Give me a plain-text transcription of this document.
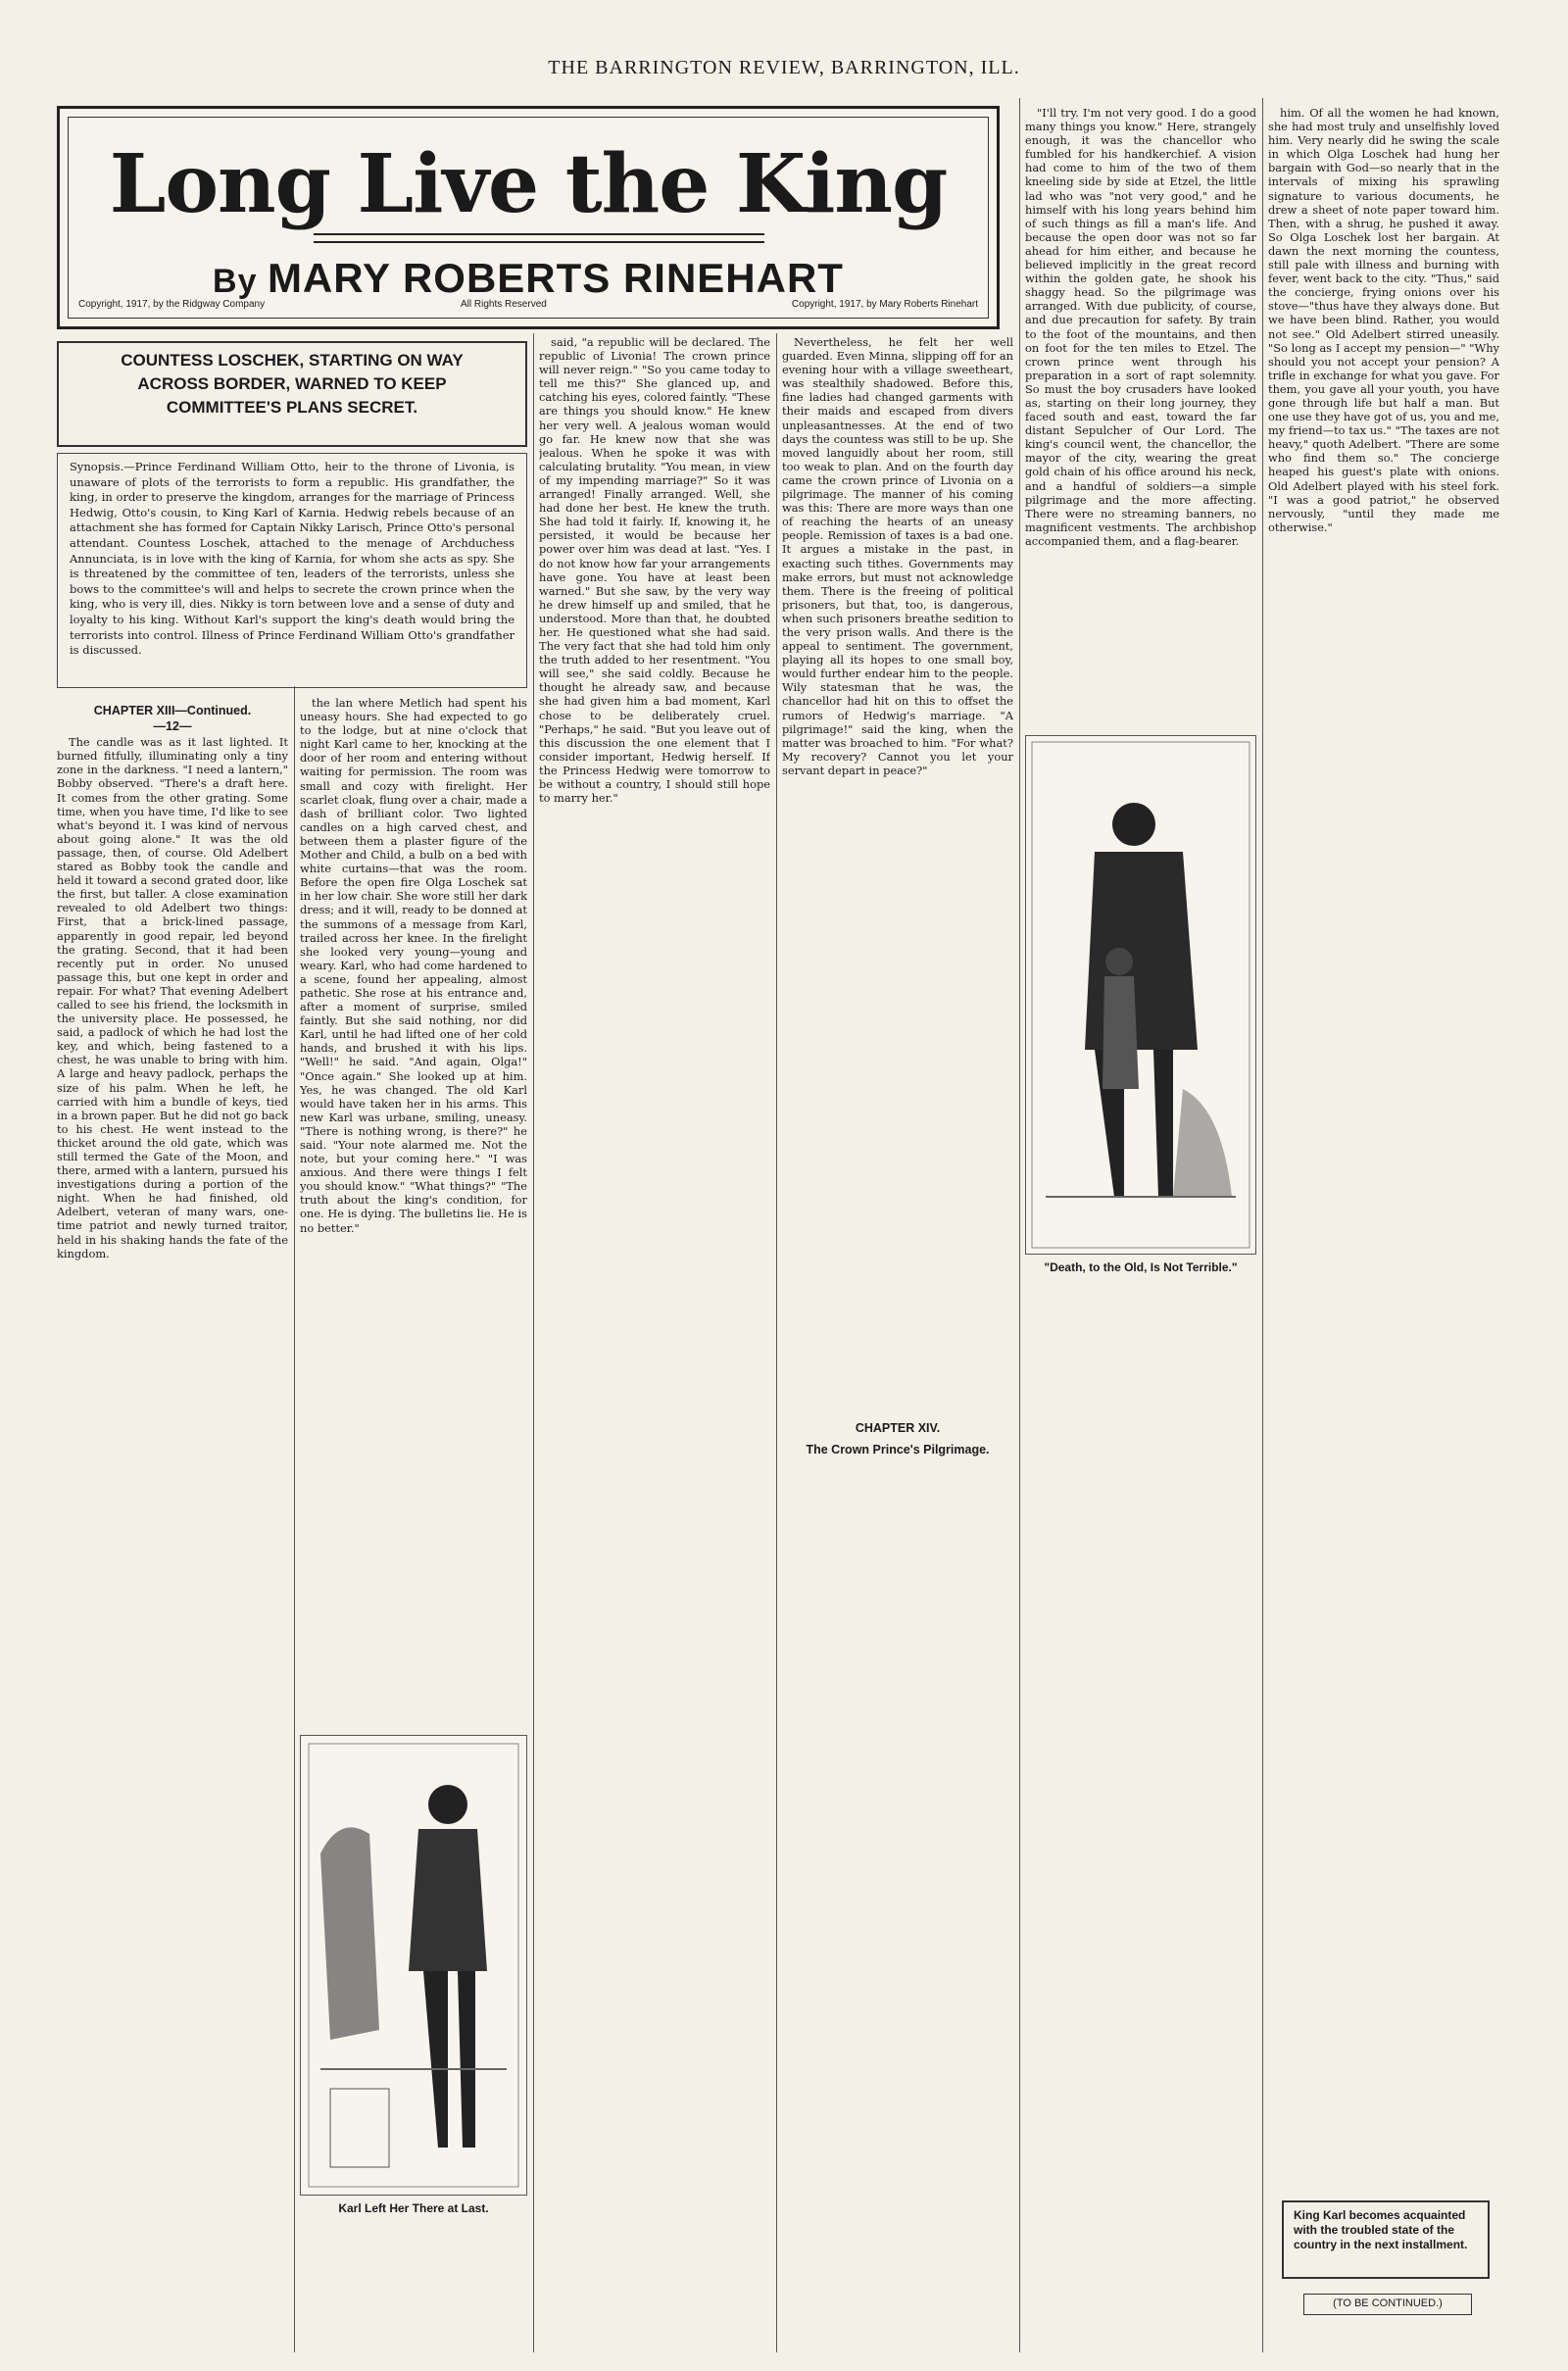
THE BARRINGTON REVIEW, BARRINGTON, ILL.
Long Live the King
By MARY ROBERTS RINEHART
Copyright, 1917, by the Ridgway Company	All Rights Reserved	Copyright, 1917, by Mary Roberts Rinehart
COUNTESS LOSCHEK, STARTING ON WAY ACROSS BORDER, WARNED TO KEEP COMMITTEE'S PLANS SECRET.
Synopsis.—Prince Ferdinand William Otto, heir to the throne of Livonia, is unaware of plots of the terrorists to form a republic. His grandfather, the king, in order to preserve the kingdom, arranges for the marriage of Princess Hedwig, Otto's cousin, to King Karl of Karnia. Hedwig rebels because of an attachment she has formed for Captain Nikky Larisch, Prince Otto's personal attendant. Countess Loschek, attached to the menage of Archduchess Annunciata, is in love with the king of Karnia, for whom she acts as spy. She is threatened by the committee of ten, leaders of the terrorists, unless she bows to the committee's will and helps to secrete the crown prince when the king, who is very ill, dies. Nikky is torn between love and a sense of duty and loyalty to his king. Without Karl's support the king's death would bring the terrorists into control. Illness of Prince Ferdinand William Otto's grandfather is discussed.
CHAPTER XIII—Continued.
—12—

The candle was as it last lighted. It burned fitfully, illuminating only a tiny zone in the darkness. "I need a lantern," Bobby observed. "There's a draft here. It comes from the other grating. Some time, when you have time, I'd like to see what's beyond it. I was kind of nervous about going alone." It was the old passage, then, of course. Old Adelbert stared as Bobby took the candle and held it toward a second grated door, like the first, but taller. A close examination revealed to old Adelbert two things: First, that a brick-lined passage, apparently in good repair, led beyond the grating. Second, that it had been recently put in order. No unused passage this, but one kept in order and repair. For what? That evening Adelbert called to see his friend, the locksmith in the university place. He possessed, he said, a padlock of which he had lost the key, and which, being fastened to a chest, he was unable to bring with him. A large and heavy padlock, perhaps the size of his palm. When he left, he carried with him a bundle of keys, tied in a brown paper. But he did not go back to his chest. He went instead to the thicket around the old gate, which was still termed the Gate of the Moon, and there, armed with a lantern, pursued his investigations during a portion of the night. When he had finished, old Adelbert, veteran of many wars, one-time patriot and newly turned traitor, held in his shaking hands the fate of the kingdom.

the lan where Metlich had spent his uneasy hours. She had expected to go to the lodge, but at nine o'clock that night Karl came to her, knocking at the door of her room and entering without waiting for permission. The room was small and cozy with firelight. Her scarlet cloak, flung over a chair, made a dash of brilliant color. Two lighted candles on a high carved chest, and between them a plaster figure of the Mother and Child, a bulb on a bed with white curtains—that was the room. Before the open fire Olga Loschek sat in her low chair. She wore still her dark dress; and it will, ready to be donned at the summons of a message from Karl, trailed across her knee. In the firelight she looked very young—young and weary. Karl, who had come hardened to a scene, found her appealing, almost pathetic. She rose at his entrance and, after a moment of surprise, smiled faintly. But she said nothing, nor did Karl, until he had lifted one of her cold hands, and brushed it with his lips. "Well!" he said. "And again, Olga!" "Once again." She looked up at him. Yes, he was changed. The old Karl would have taken her in his arms. This new Karl was urbane, smiling, uneasy. "There is nothing wrong, is there?" he said. "Your note alarmed me. Not the note, but your coming here." "I was anxious. And there were things I felt you should know." "What things?" "The truth about the king's condition, for one. He is dying. The bulletins lie. He is no better."

Karl Left Her There at Last.

said, "a republic will be declared. The republic of Livonia! The crown prince will never reign." "So you came today to tell me this?" She glanced up, and catching his eyes, colored faintly. "These are things you should know." He knew her very well. A jealous woman would go far. He knew now that she was jealous. When he spoke it was with calculating brutality. "You mean, in view of my impending marriage?" So it was arranged! Finally arranged. Well, she had done her best. He knew the truth. She had told it fairly. If, knowing it, he persisted, it would be because her power over him was dead at last. "Yes. I do not know how far your arrangements have gone. You have at least been warned." But she saw, by the very way he drew himself up and smiled, that he understood. More than that, he doubted her. He questioned what she had said. The very fact that she had told him only the truth added to her resentment. "You will see," she said coldly. Because he thought he already saw, and because she had given him a bad moment, Karl chose to be deliberately cruel. "Perhaps," he said. "But you leave out of this discussion the one element that I consider important, Hedwig herself. If the Princess Hedwig were tomorrow to be without a country, I should still hope to marry her."

Nevertheless, he felt her well guarded. Even Minna, slipping off for an evening hour with a village sweetheart, was stealthily shadowed. Before this, fine ladies had changed garments with their maids and escaped from divers unpleasantnesses. At the end of two days the countess was still to be up. She moved languidly about her room, still too weak to plan. And on the fourth day came the crown prince of Livonia on a pilgrimage. The manner of his coming was this: There are more ways than one of reaching the hearts of an uneasy people. Remission of taxes is a bad one. It argues a mistake in the past, in exacting such tithes. Governments may make errors, but must not acknowledge them. There is the freeing of political prisoners, but that, too, is dangerous, when such prisoners breathe sedition to the very prison walls. And there is the appeal to sentiment. The government, playing all its hopes to one small boy, would further endear him to the people. Wily statesman that he was, the chancellor had hit on this to offset the rumors of Hedwig's marriage. "A pilgrimage!" said the king, when the matter was broached to him. "For what? My recovery? Cannot you let your servant depart in peace?"

CHAPTER XIV.
The Crown Prince's Pilgrimage.

"I'll try. I'm not very good. I do a good many things you know." Here, strangely enough, it was the chancellor who fumbled for his handkerchief. A vision had come to him of the two of them kneeling side by side at Etzel, the little lad who was "not very good," and he himself with his long years behind him of such things as fill a man's life. And because the open door was not so far ahead for him either, and because he believed implicitly in the great record within the golden gate, he shook his shaggy head. So the pilgrimage was arranged. With due publicity, of course, and due precaution for safety. By train to the foot of the mountains, and then on foot for the ten miles to Etzel. The crown prince went through his preparation in a sort of rapt solemnity. So must the boy crusaders have looked as, starting on their long journey, they faced south and east, toward the far distant Sepulcher of Our Lord. The king's council went, the chancellor, the mayor of the city, wearing the great gold chain of his office around his neck, and a handful of soldiers—a simple pilgrimage and the more affecting. There were no streaming banners, no magnificent vestments. The archbishop accompanied them, and a flag-bearer.

"Death, to the Old, Is Not Terrible."

him. Of all the women he had known, she had most truly and unselfishly loved him. Very nearly did he swing the scale in which Olga Loschek had hung her bargain with God—so nearly that in the intervals of mixing his sprawling signature to various documents, he drew a sheet of note paper toward him. Then, with a shrug, he pushed it away. So Olga Loschek lost her bargain. At dawn the next morning the countess, still pale with illness and burning with fever, went back to the city. "Thus," said the concierge, frying onions over his stove—"thus have they always done. But we have been blind. Rather, you would not see." Old Adelbert stirred uneasily. "So long as I accept my pension—" "Why should you not accept your pension? A trifle in exchange for what you gave. For them, you gave all your youth, you have gone through life but half a man. But one use they have got of us, you and me, my friend—to tax us." "The taxes are not heavy," quoth Adelbert. "There are some who find them so." The concierge heaped his guest's plate with onions. Old Adelbert played with his steel fork. "I was a good patriot," he observed nervously, "until they made me otherwise."

King Karl becomes acquainted with the troubled state of the country in the next installment.
(TO BE CONTINUED.)
